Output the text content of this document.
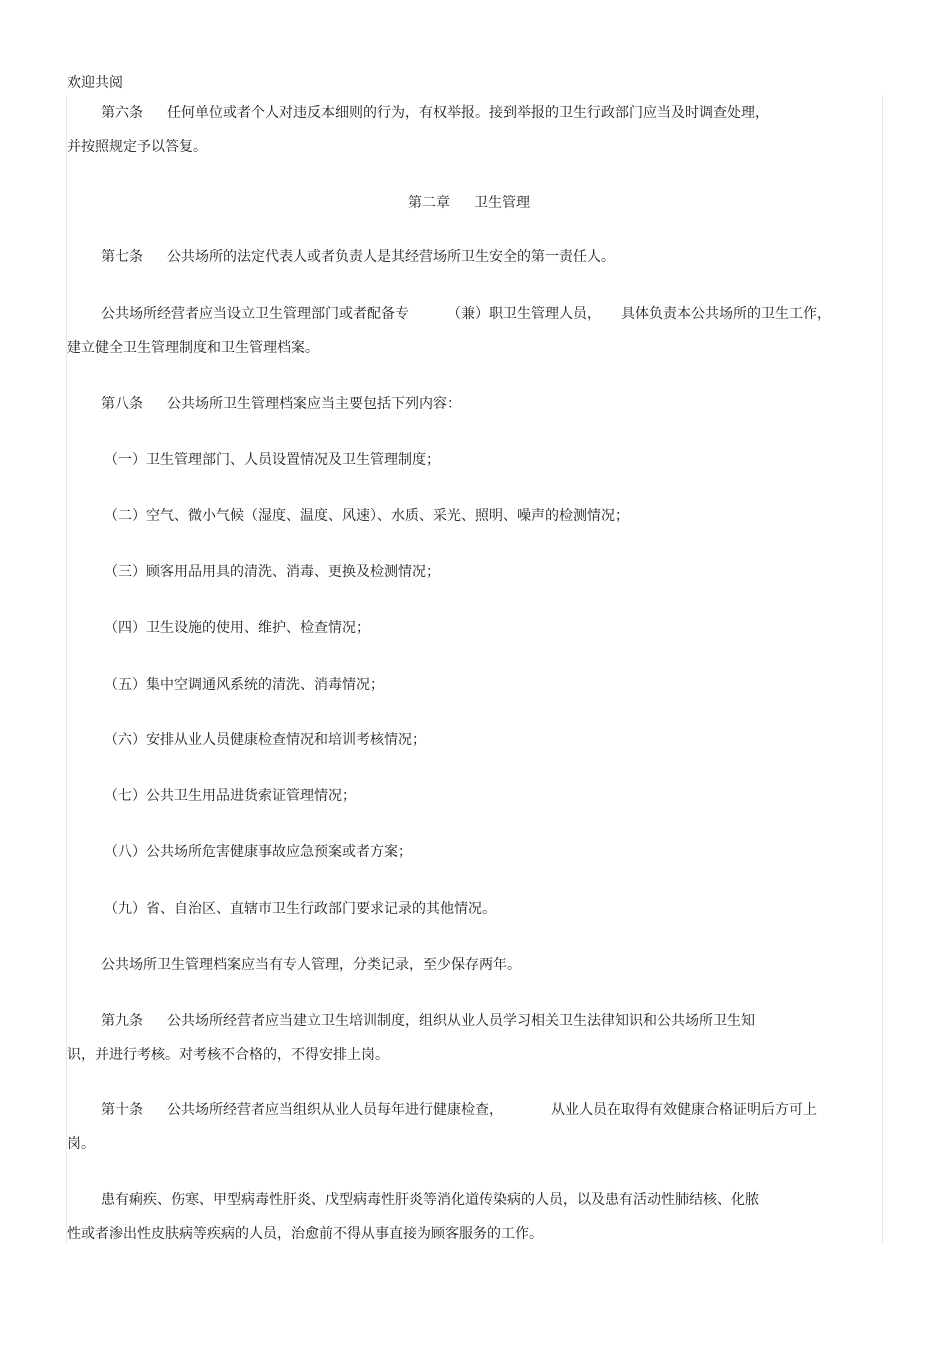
欢迎共阅
第六条 任何单位或者个人对违反本细则的行为，有权举报。接到举报的卫生行政部门应当及时调查处理，
并按照规定予以答复。
第二章 卫生管理
第七条 公共场所的法定代表人或者负责人是其经营场所卫生安全的第一责任人。
公共场所经营者应当设立卫生管理部门或者配备专	（兼）职卫生管理人员， 具体负责本公共场所的卫生工作，
建立健全卫生管理制度和卫生管理档案。
第八条 公共场所卫生管理档案应当主要包括下列内容：
（一）卫生管理部门、人员设置情况及卫生管理制度；
（二）空气、微小气候（湿度、温度、风速）、水质、采光、照明、噪声的检测情况；
（三）顾客用品用具的清洗、消毒、更换及检测情况；
（四）卫生设施的使用、维护、检查情况；
（五）集中空调通风系统的清洗、消毒情况；
（六）安排从业人员健康检查情况和培训考核情况；
（七）公共卫生用品进货索证管理情况；
（八）公共场所危害健康事故应急预案或者方案；
（九）省、自治区、直辖市卫生行政部门要求记录的其他情况。
公共场所卫生管理档案应当有专人管理，分类记录，至少保存两年。
第九条 公共场所经营者应当建立卫生培训制度，组织从业人员学习相关卫生法律知识和公共场所卫生知
识，并进行考核。对考核不合格的，不得安排上岗。
第十条 公共场所经营者应当组织从业人员每年进行健康检查，	从业人员在取得有效健康合格证明后方可上
岗。
患有痢疾、伤寒、甲型病毒性肝炎、戊型病毒性肝炎等消化道传染病的人员，以及患有活动性肺结核、化脓
性或者渗出性皮肤病等疾病的人员，治愈前不得从事直接为顾客服务的工作。
